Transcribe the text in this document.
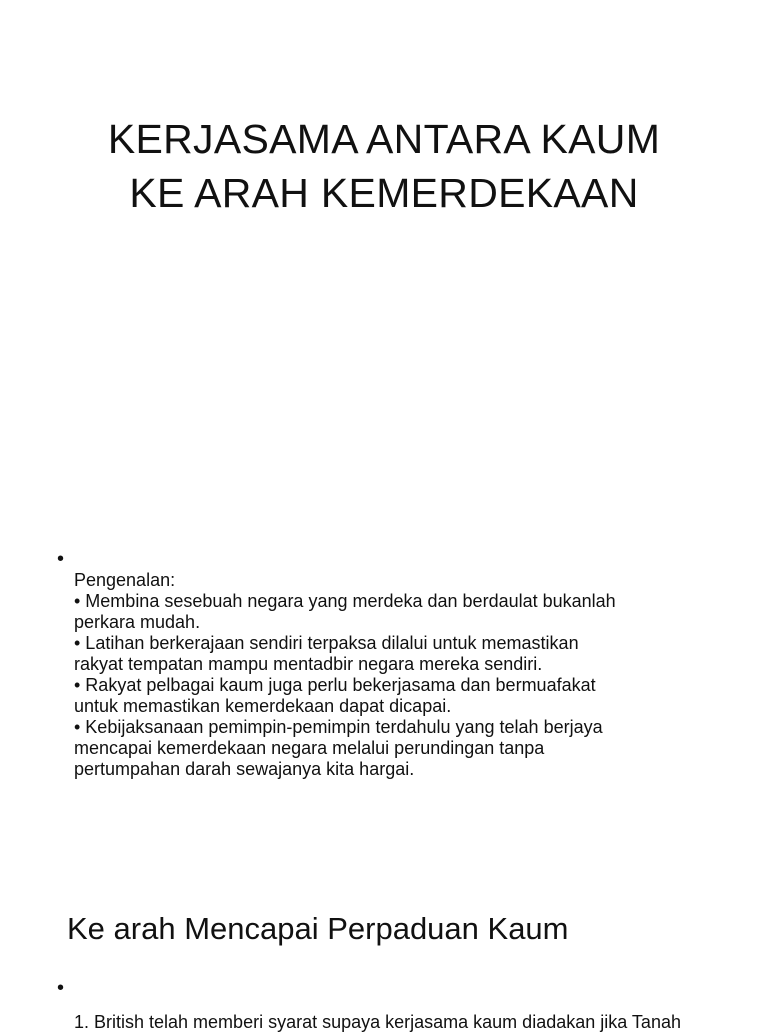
KERJASAMA ANTARA KAUM
KE ARAH KEMERDEKAAN
•
Pengenalan:
• Membina sesebuah negara yang merdeka dan berdaulat bukanlah
perkara mudah.
• Latihan berkerajaan sendiri terpaksa dilalui untuk memastikan
rakyat tempatan mampu mentadbir negara mereka sendiri.
• Rakyat pelbagai kaum juga perlu bekerjasama dan bermuafakat
untuk memastikan kemerdekaan dapat dicapai.
• Kebijaksanaan pemimpin-pemimpin terdahulu yang telah berjaya
mencapai kemerdekaan negara melalui perundingan tanpa
pertumpahan darah sewajanya kita hargai.
Ke arah Mencapai Perpaduan Kaum
•
1. British telah memberi syarat supaya kerjasama kaum diadakan jika Tanah
